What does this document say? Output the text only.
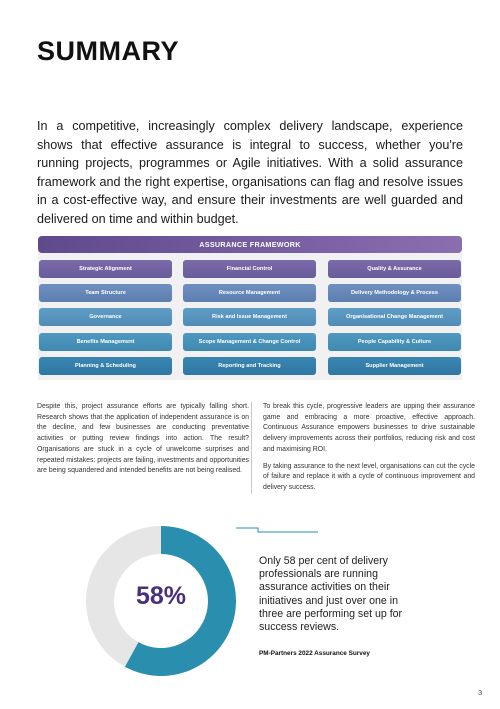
SUMMARY
In a competitive, increasingly complex delivery landscape, experience shows that effective assurance is integral to success, whether you're running projects, programmes or Agile initiatives. With a solid assurance framework and the right expertise, organisations can flag and resolve issues in a cost-effective way, and ensure their investments are well guarded and delivered on time and within budget.
ASSURANCE FRAMEWORK
Strategic Alignment	Financial Control	Quality & Assurance
Team Structure	Resource Management	Delivery Methodology & Process
Governance	Risk and Issue Management	Organisational Change Management
Benefits Management	Scope Management & Change Control	People Capability & Culture
Planning & Scheduling	Reporting and Tracking	Supplier Management

Despite this, project assurance efforts are typically falling short. Research shows that the application of independent assurance is on the decline, and few businesses are conducting preventative activities or putting review findings into action. The result? Organisations are stuck in a cycle of unwelcome surprises and repeated mistakes: projects are failing, investments and opportunities are being squandered and intended benefits are not being realised.

To break this cycle, progressive leaders are upping their assurance game and embracing a more proactive, effective approach. Continuous Assurance empowers businesses to drive sustainable delivery improvements across their portfolios, reducing risk and cost and maximising ROI.

By taking assurance to the next level, organisations can cut the cycle of failure and replace it with a cycle of continuous improvement and delivery success.

58%
Only 58 per cent of delivery professionals are running assurance activities on their initiatives and just over one in three are performing set up for success reviews.
PM-Partners 2022 Assurance Survey
3
